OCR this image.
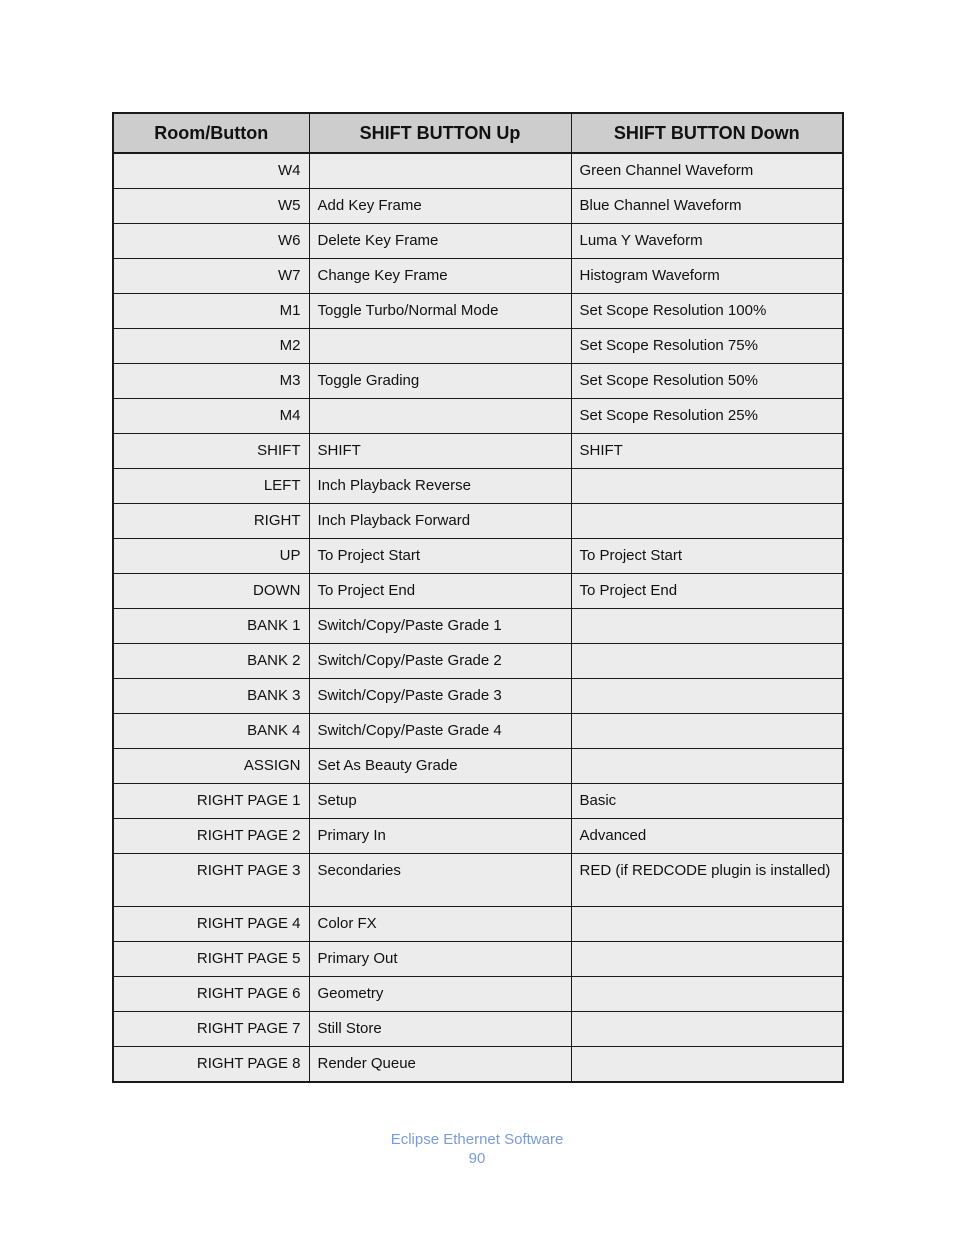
Room/Button	SHIFT BUTTON Up	SHIFT BUTTON Down
W4		Green Channel Waveform
W5	Add Key Frame	Blue Channel Waveform
W6	Delete Key Frame	Luma Y Waveform
W7	Change Key Frame	Histogram Waveform
M1	Toggle Turbo/Normal Mode	Set Scope Resolution 100%
M2		Set Scope Resolution 75%
M3	Toggle Grading	Set Scope Resolution 50%
M4		Set Scope Resolution 25%
SHIFT	SHIFT	SHIFT
LEFT	Inch Playback Reverse	
RIGHT	Inch Playback Forward	
UP	To Project Start	To Project Start
DOWN	To Project End	To Project End
BANK 1	Switch/Copy/Paste Grade 1	
BANK 2	Switch/Copy/Paste Grade 2	
BANK 3	Switch/Copy/Paste Grade 3	
BANK 4	Switch/Copy/Paste Grade 4	
ASSIGN	Set As Beauty Grade	
RIGHT PAGE 1	Setup	Basic
RIGHT PAGE 2	Primary In	Advanced
RIGHT PAGE 3	Secondaries	RED (if REDCODE plugin is installed)
RIGHT PAGE 4	Color FX	
RIGHT PAGE 5	Primary Out	
RIGHT PAGE 6	Geometry	
RIGHT PAGE 7	Still Store	
RIGHT PAGE 8	Render Queue	
Eclipse Ethernet Software
90
